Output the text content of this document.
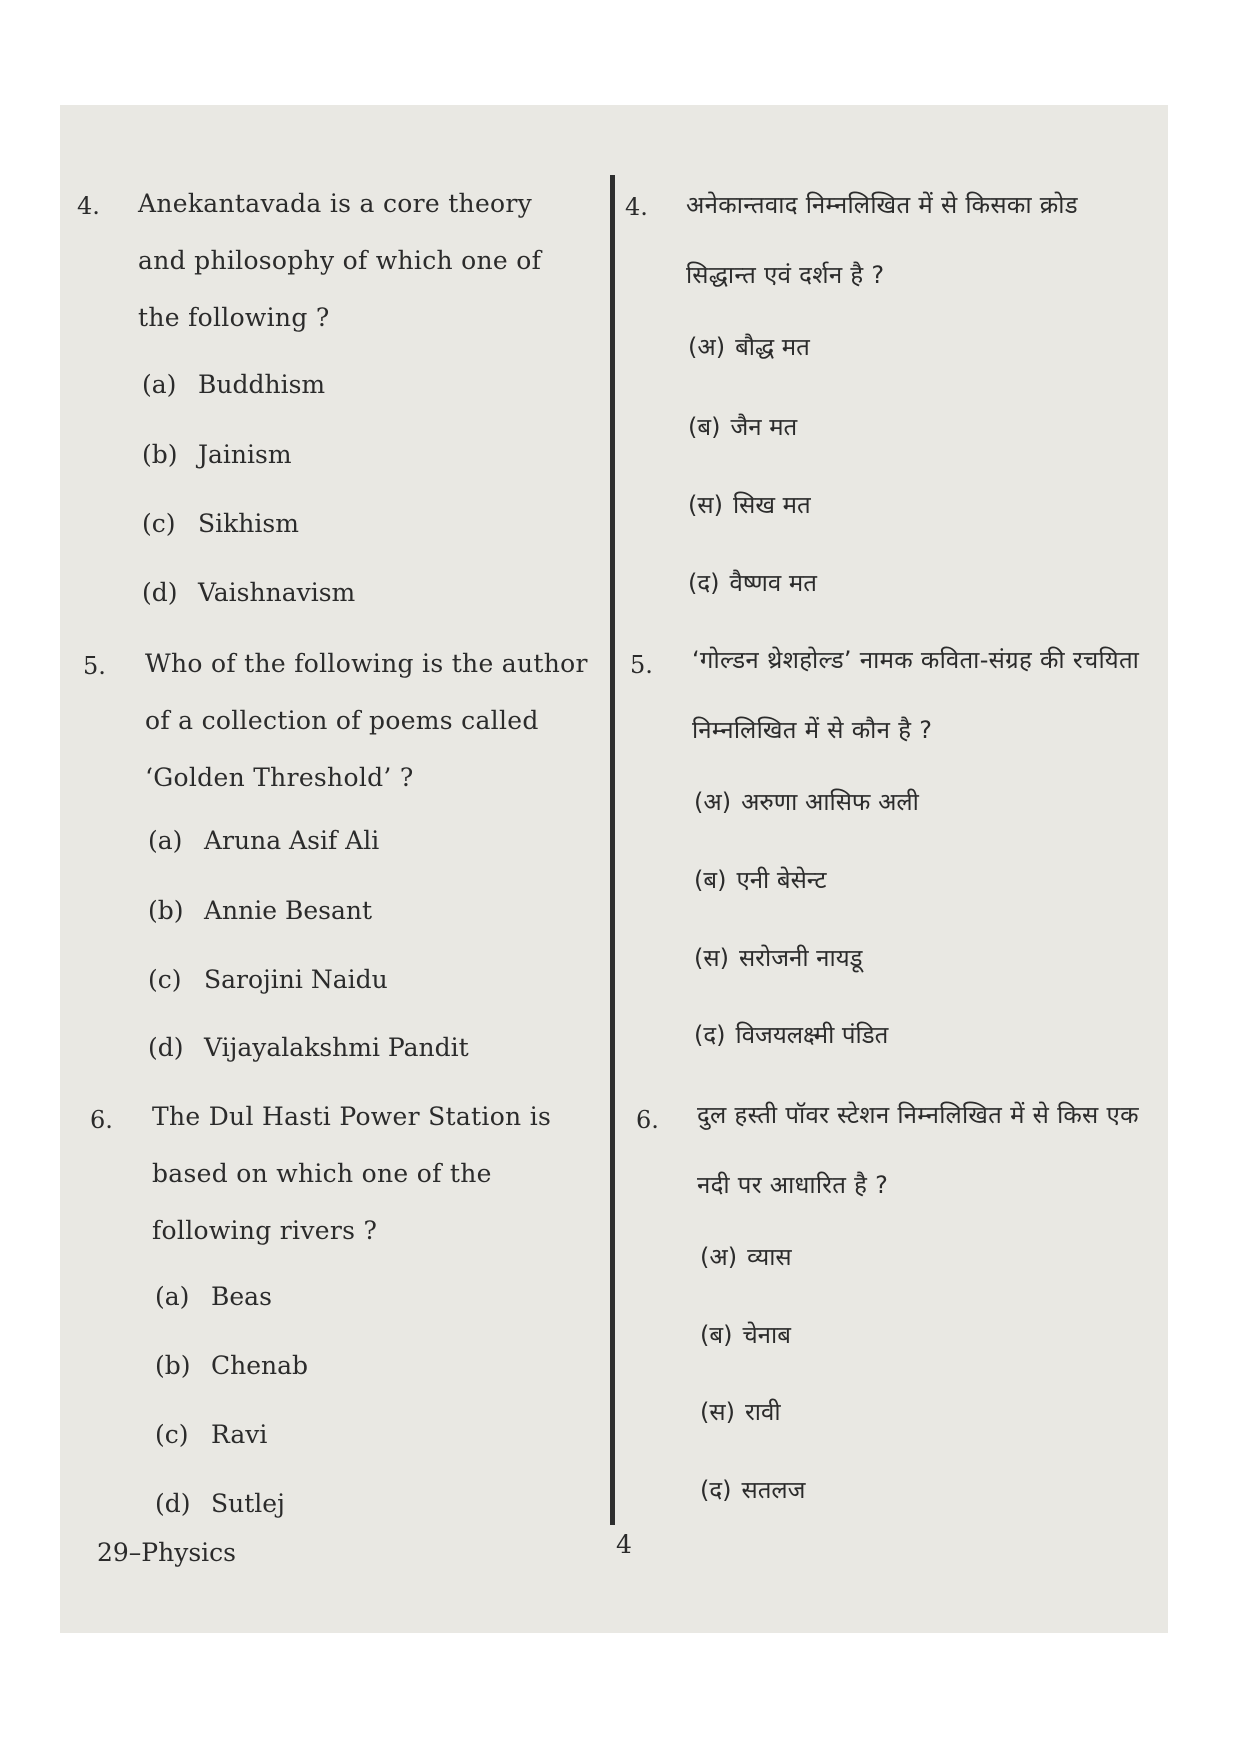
4. Anekantavada is a core theory and philosophy of which one of the following ?
(a) Buddhism
(b) Jainism
(c) Sikhism
(d) Vaishnavism
5. Who of the following is the author of a collection of poems called ‘Golden Threshold’ ?
(a) Aruna Asif Ali
(b) Annie Besant
(c) Sarojini Naidu
(d) Vijayalakshmi Pandit
6. The Dul Hasti Power Station is based on which one of the following rivers ?
(a) Beas
(b) Chenab
(c) Ravi
(d) Sutlej
4. अनेकान्तवाद निम्नलिखित में से किसका क्रोड सिद्धान्त एवं दर्शन है ?
(अ) बौद्ध मत
(ब) जैन मत
(स) सिख मत
(द) वैष्णव मत
5. ‘गोल्डन थ्रेशहोल्ड’ नामक कविता-संग्रह की रचयिता निम्नलिखित में से कौन है ?
(अ) अरुणा आसिफ अली
(ब) एनी बेसेन्ट
(स) सरोजनी नायडू
(द) विजयलक्ष्मी पंडित
6. दुल हस्ती पॉवर स्टेशन निम्नलिखित में से किस एक नदी पर आधारित है ?
(अ) व्यास
(ब) चेनाब
(स) रावी
(द) सतलज
29–Physics	4
